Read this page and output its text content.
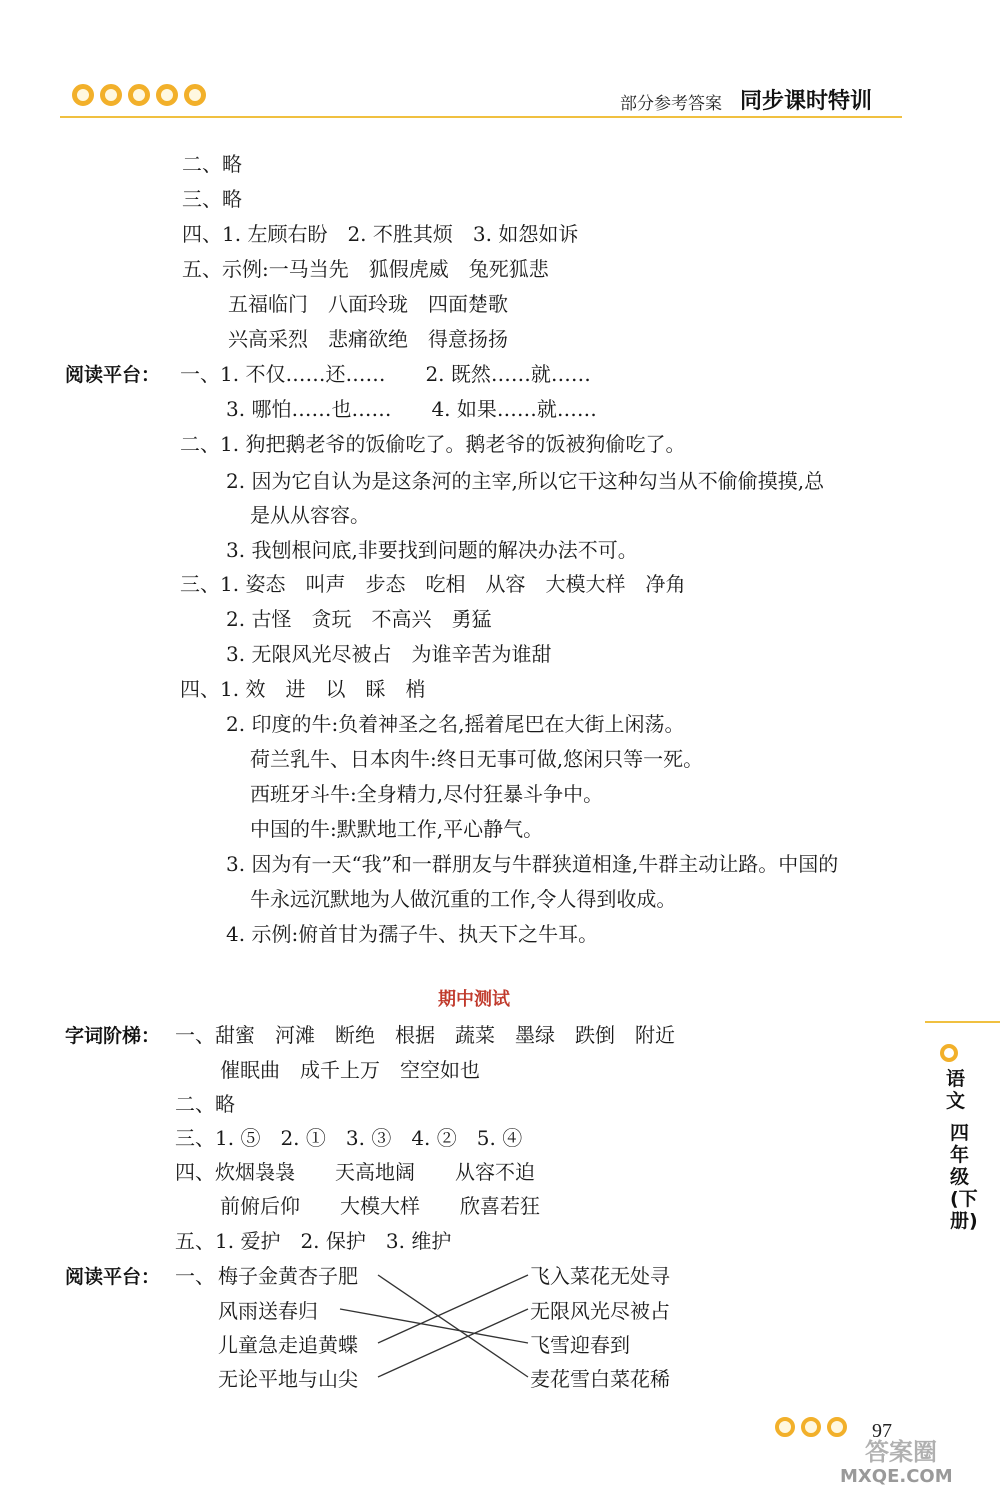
部分参考答案 同步课时特训
二、略
三、略
四、1. 左顾右盼　2. 不胜其烦　3. 如怨如诉
五、示例:一马当先　狐假虎威　兔死狐悲
五福临门　八面玲珑　四面楚歌
兴高采烈　悲痛欲绝　得意扬扬
阅读平台： 一、1. 不仅……还……　　2. 既然……就……
3. 哪怕……也……　　4. 如果……就……
二、1. 狗把鹅老爷的饭偷吃了。鹅老爷的饭被狗偷吃了。
2. 因为它自认为是这条河的主宰,所以它干这种勾当从不偷偷摸摸,总
是从从容容。
3. 我刨根问底,非要找到问题的解决办法不可。
三、1. 姿态　叫声　步态　吃相　从容　大模大样　净角
2. 古怪　贪玩　不高兴　勇猛
3. 无限风光尽被占　为谁辛苦为谁甜
四、1. 效　进　以　睬　梢
2. 印度的牛:负着神圣之名,摇着尾巴在大街上闲荡。
荷兰乳牛、日本肉牛:终日无事可做,悠闲只等一死。
西班牙斗牛:全身精力,尽付狂暴斗争中。
中国的牛:默默地工作,平心静气。
3. 因为有一天“我”和一群朋友与牛群狭道相逢,牛群主动让路。中国的
牛永远沉默地为人做沉重的工作,令人得到收成。
4. 示例:俯首甘为孺子牛、执天下之牛耳。
期中测试
字词阶梯： 一、甜蜜　河滩　断绝　根据　蔬菜　墨绿　跌倒　附近
催眠曲　成千上万　空空如也
二、略
三、1. ⑤　2. ①　3. ③　4. ②　5. ④
四、炊烟袅袅　　天高地阔　　从容不迫
前俯后仰　　大模大样　　欣喜若狂
五、1. 爱护　2. 保护　3. 维护
阅读平台： 一、 梅子金黄杏子肥
风雨送春归
儿童急走追黄蝶
无论平地与山尖
飞入菜花无处寻
无限风光尽被占
飞雪迎春到
麦花雪白菜花稀
语文
四年级(下册)
97
答案圈
MXQE.COM
